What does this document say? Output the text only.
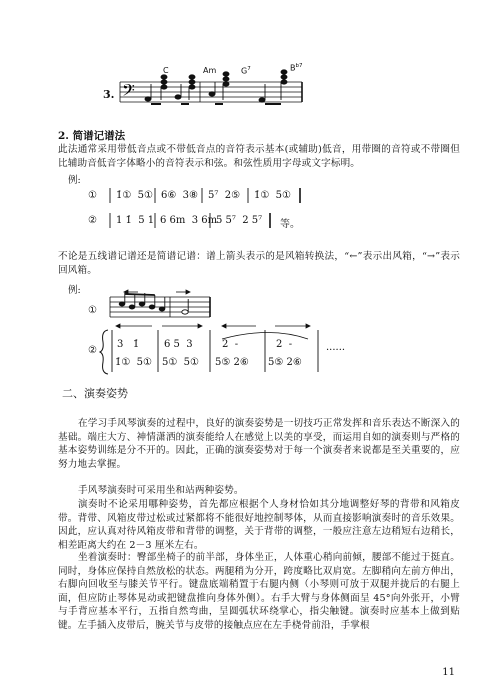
C	Am	$G^7$	$B^{b7}$
3. 𝄢
2. 简谱记谱法
此法通常采用带低音点或不带低音点的音符表示基本(或辅助)低音，用带圈的音符或不带圈但比辅助音低音字体略小的音符表示和弦。和弦性质用字母或文字标明。
例:
① 1̇①  5① 6⑥  3⑧ 5⁷  2⑤ 1̇①  5①
② 1 1̇  5 1 6 6m  3 6m
5 5⁷  2 5⁷ 等。
不论是五线谱记谱还是简谱记谱：谱上箭头表示的是风箱转换法，“←”表示出风箱，“→”表示回风箱。
例:
①
②
3   1̇ 6 5  3	2  -	2  -
1̇①  5① 5①  5① 5⑤ 2⑥ 5⑤ 2⑥
······
二、演奏姿势
在学习手风琴演奏的过程中，良好的演奏姿势是一切技巧正常发挥和音乐表达不断深入的基础。端庄大方、神情潇洒的演奏能给人在感觉上以美的享受，而运用自如的演奏则与严格的基本姿势训练是分不开的。因此，正确的演奏姿势对于每一个演奏者来说都是至关重要的，应努力地去掌握。
手风琴演奏时可采用坐和站两种姿势。
演奏时不论采用哪种姿势，首先都应根据个人身材恰如其分地调整好琴的背带和风箱皮带。背带、风箱皮带过松或过紧都将不能很好地控制琴体，从而直接影响演奏时的音乐效果。因此，应认真对待风箱皮带和背带的调整，关于背带的调整，一般应注意左边稍短右边稍长，相差距离大约在 2－3 厘米左右。
坐着演奏时：臀部坐椅子的前半部，身体坐正，人体重心稍向前倾，腰部不能过于挺直。同时，身体应保持自然放松的状态。两腿稍为分开，跨度略比双肩宽。左脚稍向左前方伸出，右脚向回收至与膝关节平行。键盘底端稍置于右腿内侧（小琴则可放于双腿并拢后的右腿上面，但应防止琴体晃动或把键盘推向身体外侧）。右手大臂与身体侧面呈 45°向外张开，小臂与手背应基本平行，五指自然弯曲，呈圆弧状环绕掌心，指尖触键。演奏时应基本上做到贴键。左手插入皮带后，腕关节与皮带的接触点应在左手桡骨前沿，手掌根
11
